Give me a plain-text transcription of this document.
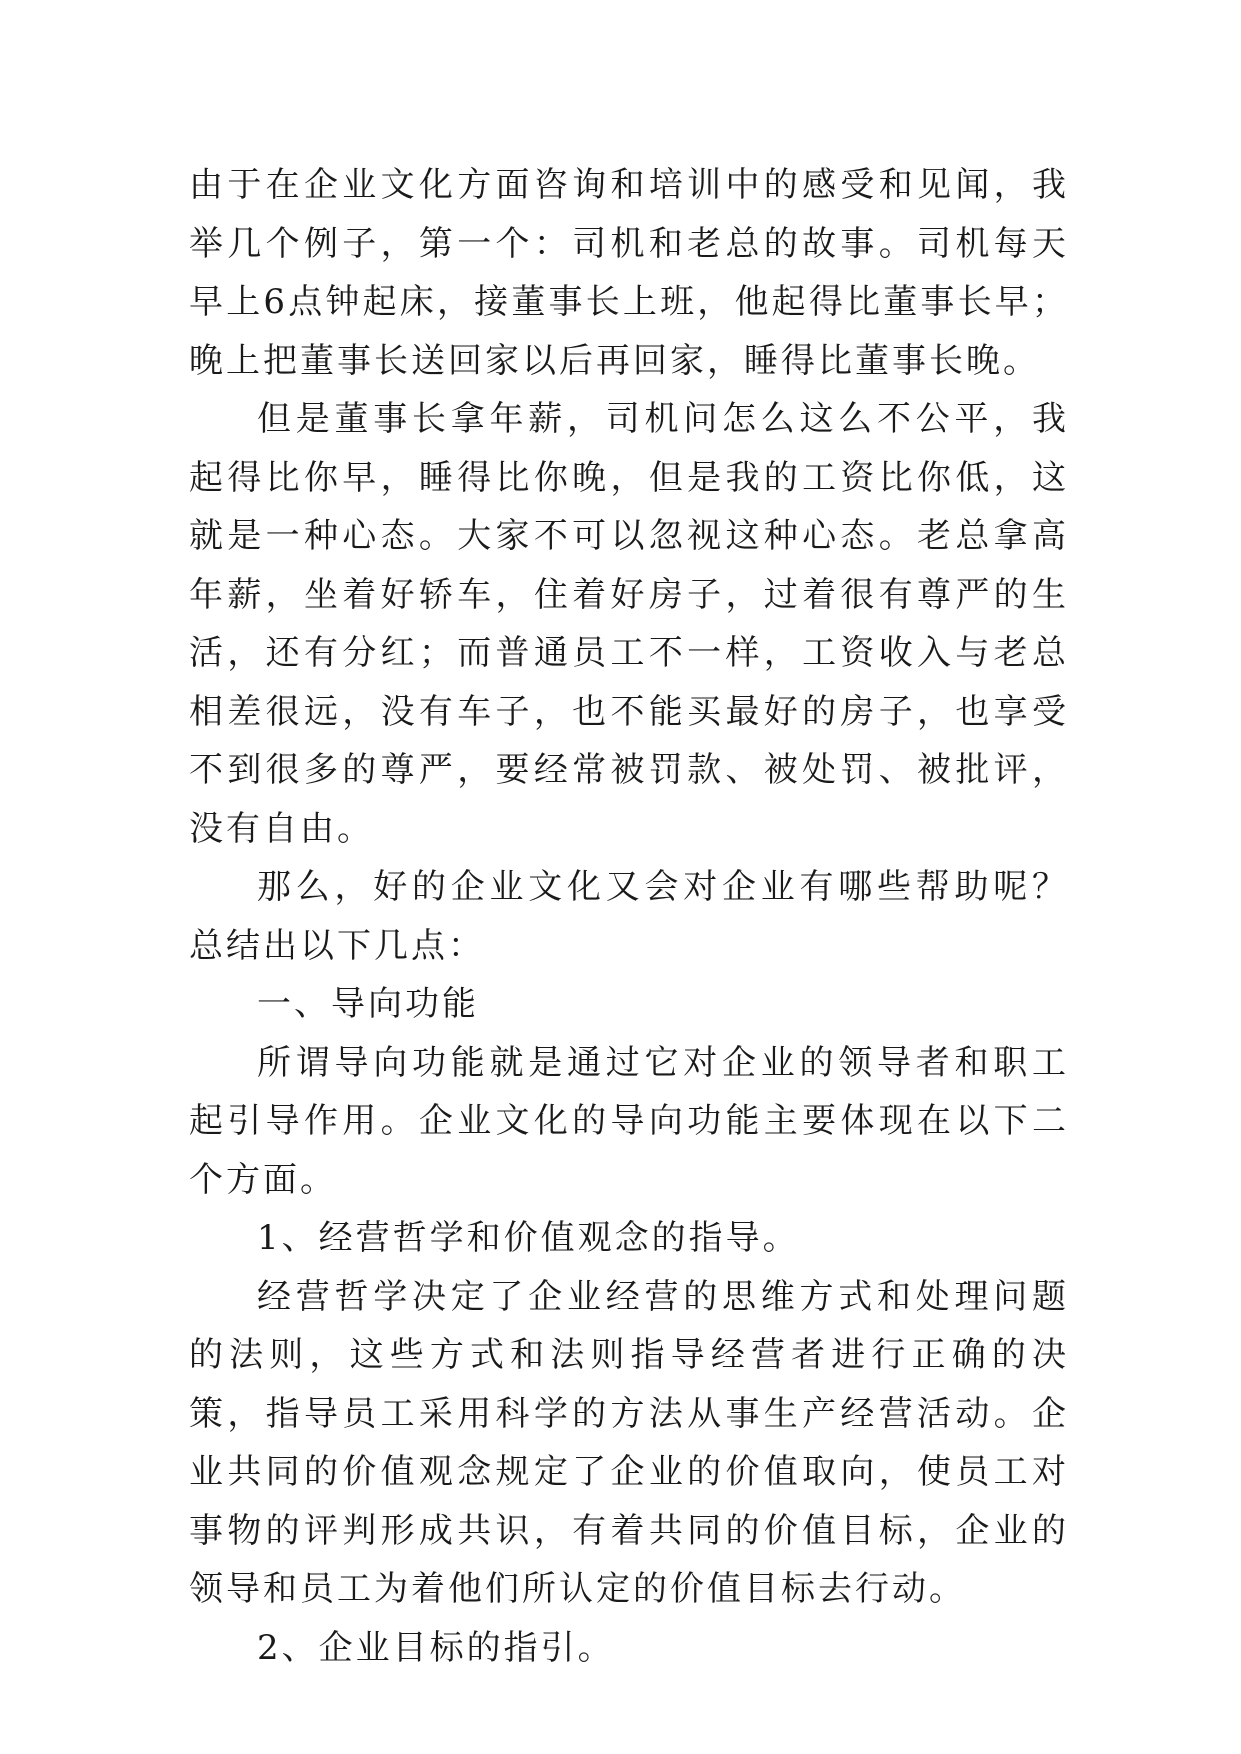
由于在企业文化方面咨询和培训中的感受和见闻，我举几个例子，第一个：司机和老总的故事。司机每天早上6点钟起床，接董事长上班，他起得比董事长早；晚上把董事长送回家以后再回家，睡得比董事长晚。

但是董事长拿年薪，司机问怎么这么不公平，我起得比你早，睡得比你晚，但是我的工资比你低，这就是一种心态。大家不可以忽视这种心态。老总拿高年薪，坐着好轿车，住着好房子，过着很有尊严的生活，还有分红；而普通员工不一样，工资收入与老总相差很远，没有车子，也不能买最好的房子，也享受不到很多的尊严，要经常被罚款、被处罚、被批评，没有自由。

那么，好的企业文化又会对企业有哪些帮助呢？总结出以下几点：

一、导向功能

所谓导向功能就是通过它对企业的领导者和职工起引导作用。企业文化的导向功能主要体现在以下二个方面。

1、经营哲学和价值观念的指导。

经营哲学决定了企业经营的思维方式和处理问题的法则，这些方式和法则指导经营者进行正确的决策，指导员工采用科学的方法从事生产经营活动。企业共同的价值观念规定了企业的价值取向，使员工对事物的评判形成共识，有着共同的价值目标，企业的领导和员工为着他们所认定的价值目标去行动。

2、企业目标的指引。
